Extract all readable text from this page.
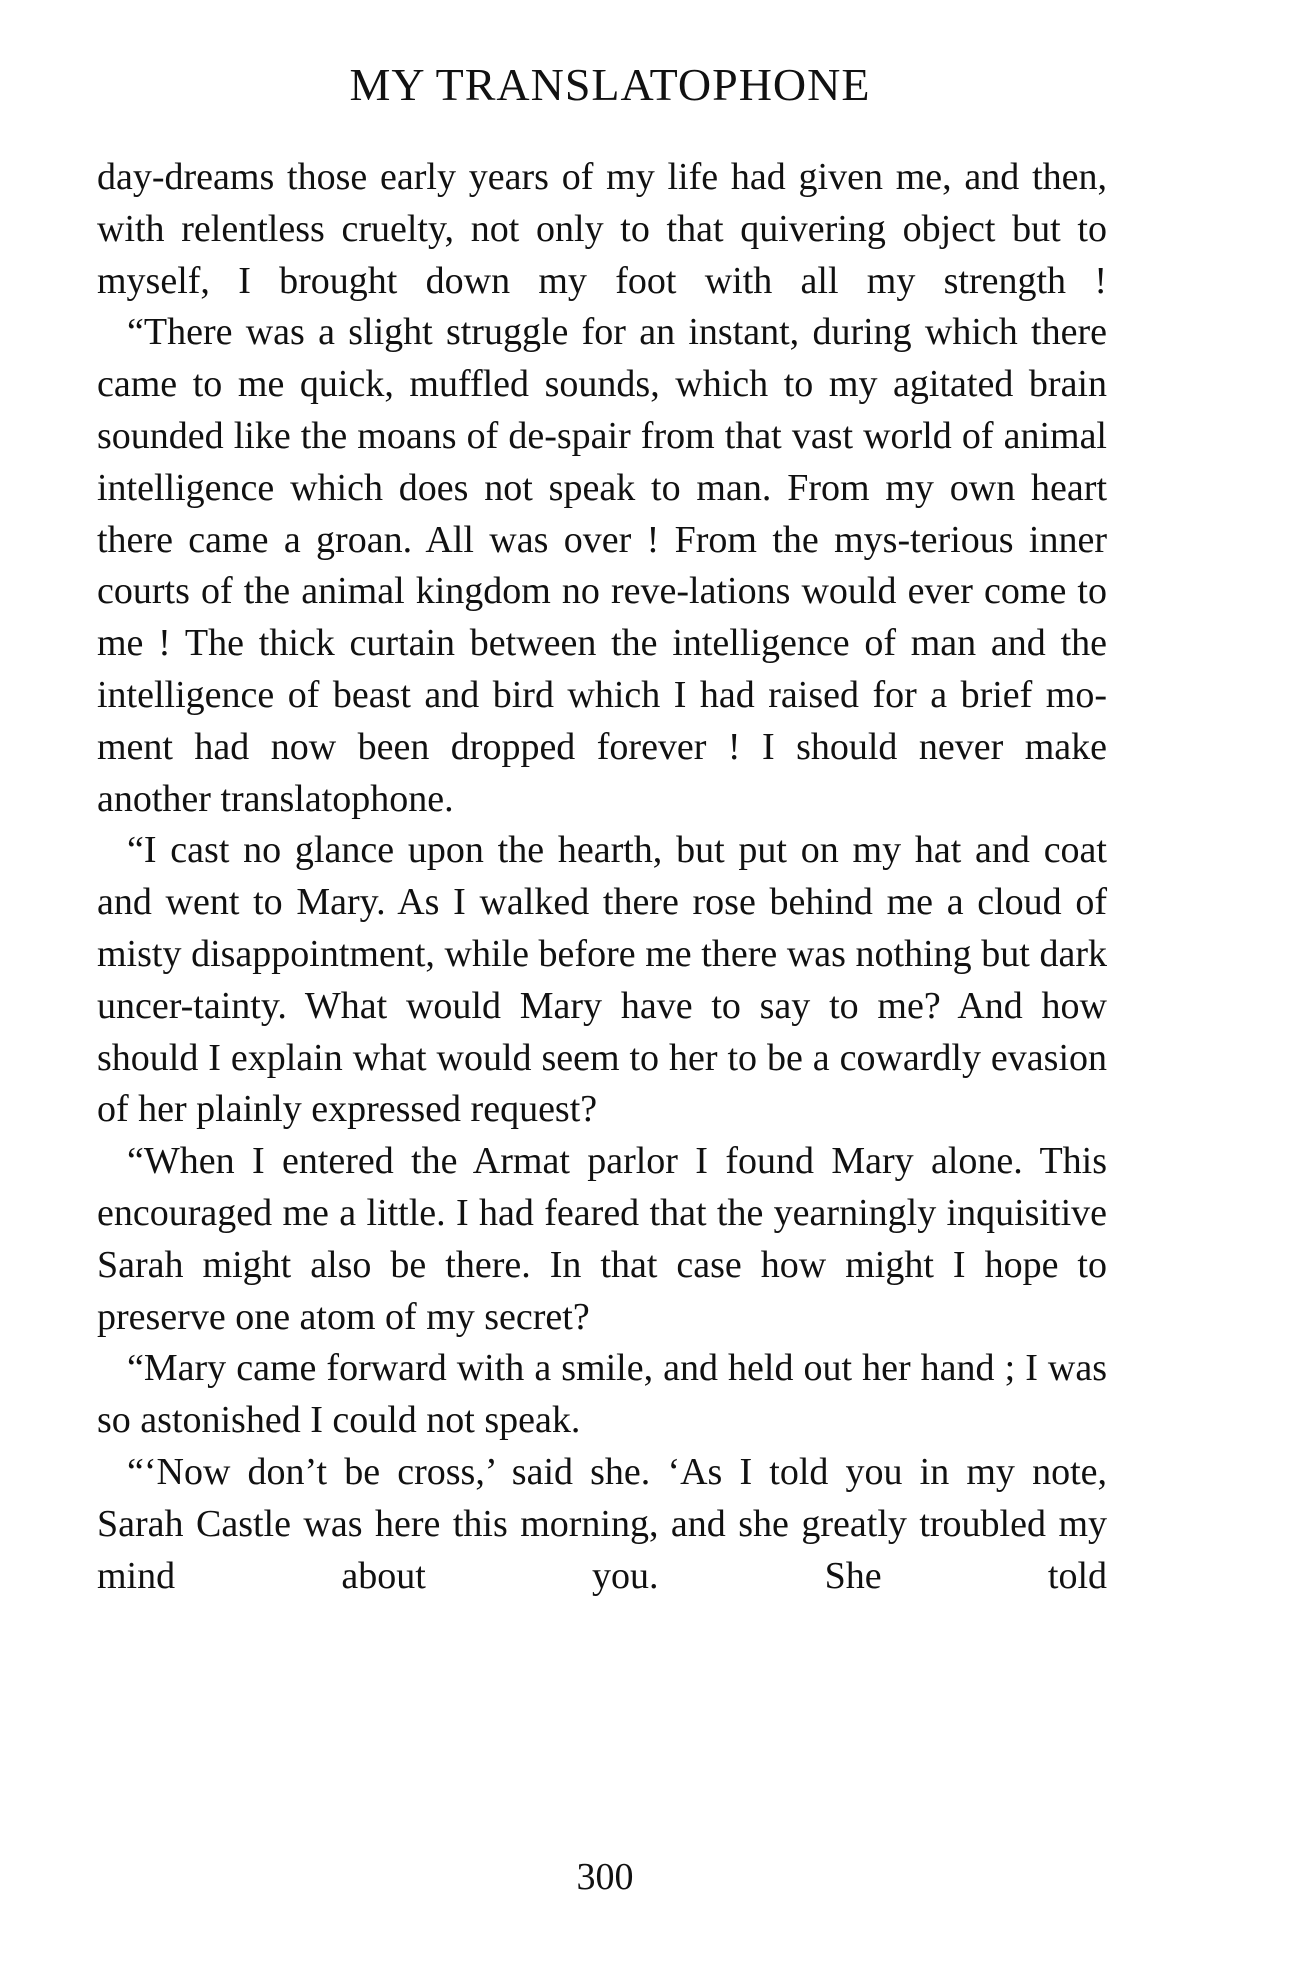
MY TRANSLATOPHONE

day-dreams those early years of my life had given me, and then, with relentless cruelty, not only to that quivering object but to myself, I brought down my foot with all my strength !

“There was a slight struggle for an instant, during which there came to me quick, muffled sounds, which to my agitated brain sounded like the moans of de-spair from that vast world of animal intelligence which does not speak to man. From my own heart there came a groan. All was over ! From the mys-terious inner courts of the animal kingdom no reve-lations would ever come to me ! The thick curtain between the intelligence of man and the intelligence of beast and bird which I had raised for a brief mo-ment had now been dropped forever ! I should never make another translatophone.

“I cast no glance upon the hearth, but put on my hat and coat and went to Mary. As I walked there rose behind me a cloud of misty disappointment, while before me there was nothing but dark uncer-tainty. What would Mary have to say to me? And how should I explain what would seem to her to be a cowardly evasion of her plainly expressed request?

“When I entered the Armat parlor I found Mary alone. This encouraged me a little. I had feared that the yearningly inquisitive Sarah might also be there. In that case how might I hope to preserve one atom of my secret?

“Mary came forward with a smile, and held out her hand ; I was so astonished I could not speak.

“‘Now don’t be cross,’ said she. ‘As I told you in my note, Sarah Castle was here this morning, and she greatly troubled my mind about you. She told

300
